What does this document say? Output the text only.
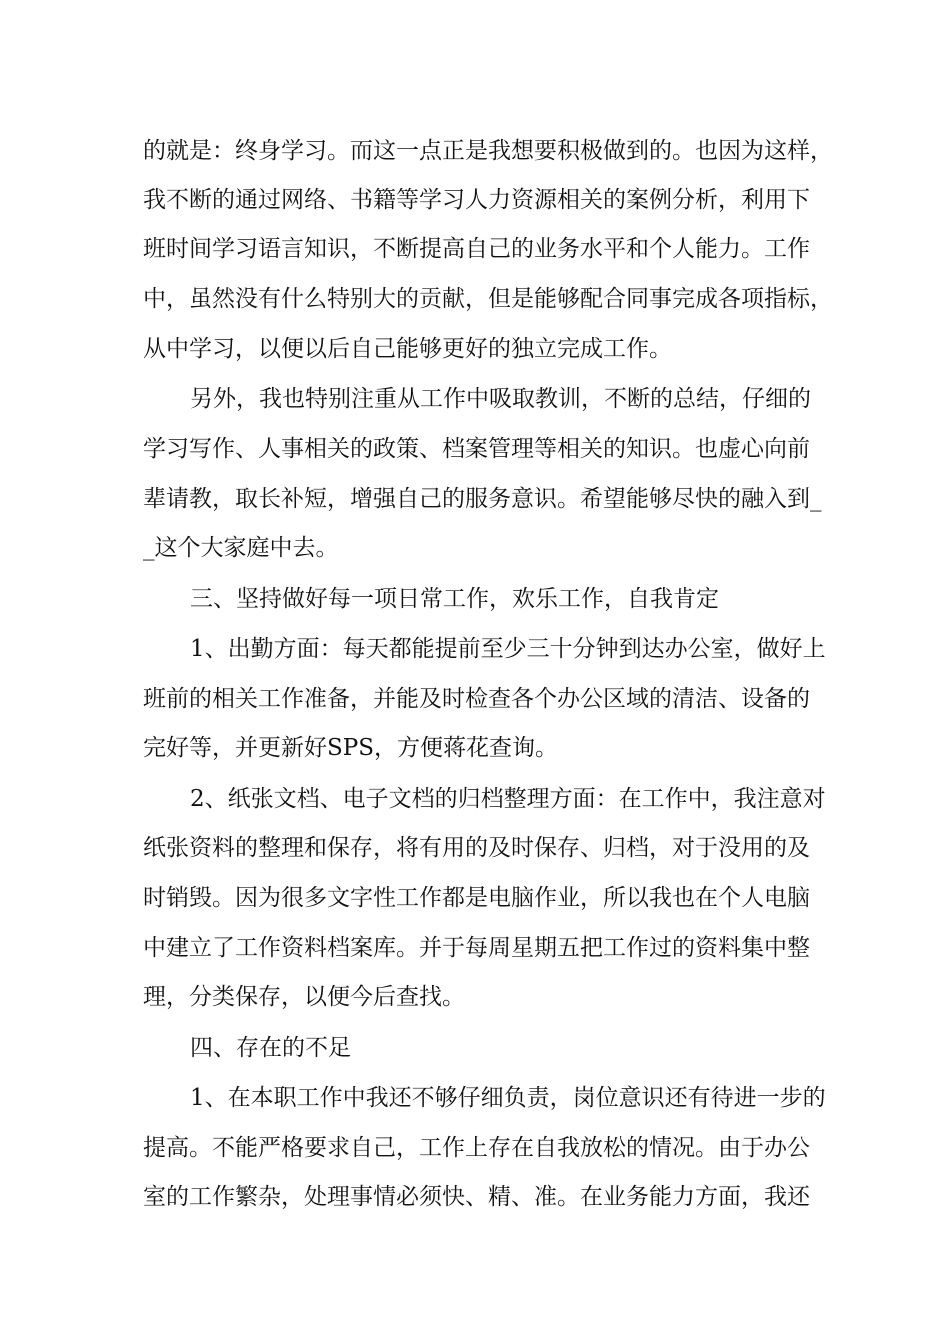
的就是：终身学习。而这一点正是我想要积极做到的。也因为这样，
我不断的通过网络、书籍等学习人力资源相关的案例分析，利用下
班时间学习语言知识，不断提高自己的业务水平和个人能力。工作
中，虽然没有什么特别大的贡献，但是能够配合同事完成各项指标，
从中学习，以便以后自己能够更好的独立完成工作。
另外，我也特别注重从工作中吸取教训，不断的总结，仔细的
学习写作、人事相关的政策、档案管理等相关的知识。也虚心向前
辈请教，取长补短，增强自己的服务意识。希望能够尽快的融入到_
_这个大家庭中去。
三、坚持做好每一项日常工作，欢乐工作，自我肯定
1、出勤方面：每天都能提前至少三十分钟到达办公室，做好上
班前的相关工作准备，并能及时检查各个办公区域的清洁、设备的
完好等，并更新好SPS，方便蒋花查询。
2、纸张文档、电子文档的归档整理方面：在工作中，我注意对
纸张资料的整理和保存，将有用的及时保存、归档，对于没用的及
时销毁。因为很多文字性工作都是电脑作业，所以我也在个人电脑
中建立了工作资料档案库。并于每周星期五把工作过的资料集中整
理，分类保存，以便今后查找。
四、存在的不足
1、在本职工作中我还不够仔细负责，岗位意识还有待进一步的
提高。不能严格要求自己，工作上存在自我放松的情况。由于办公
室的工作繁杂，处理事情必须快、精、准。在业务能力方面，我还
